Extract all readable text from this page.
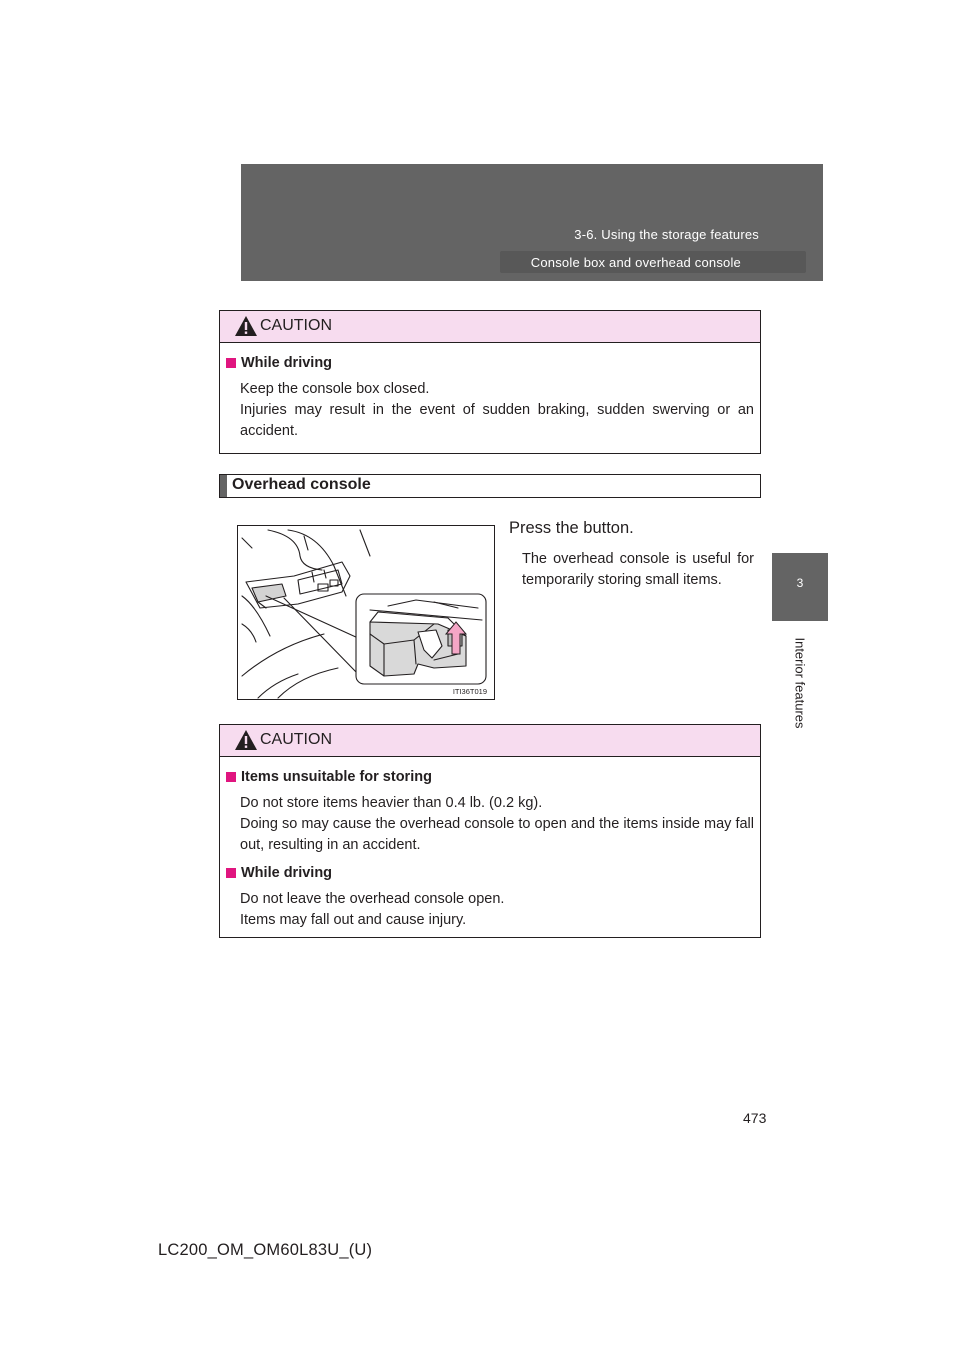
3-6. Using the storage features
Console box and overhead console
3
Interior features
CAUTION
While driving
Keep the console box closed.
Injuries may result in the event of sudden braking, sudden swerving or an accident.
Overhead console
ITI36T019
Press the button.
The overhead console is useful for temporarily storing small items.
CAUTION
Items unsuitable for storing
Do not store items heavier than 0.4 lb. (0.2 kg).
Doing so may cause the overhead console to open and the items inside may fall out, resulting in an accident.
While driving
Do not leave the overhead console open.
Items may fall out and cause injury.
473
LC200_OM_OM60L83U_(U)
